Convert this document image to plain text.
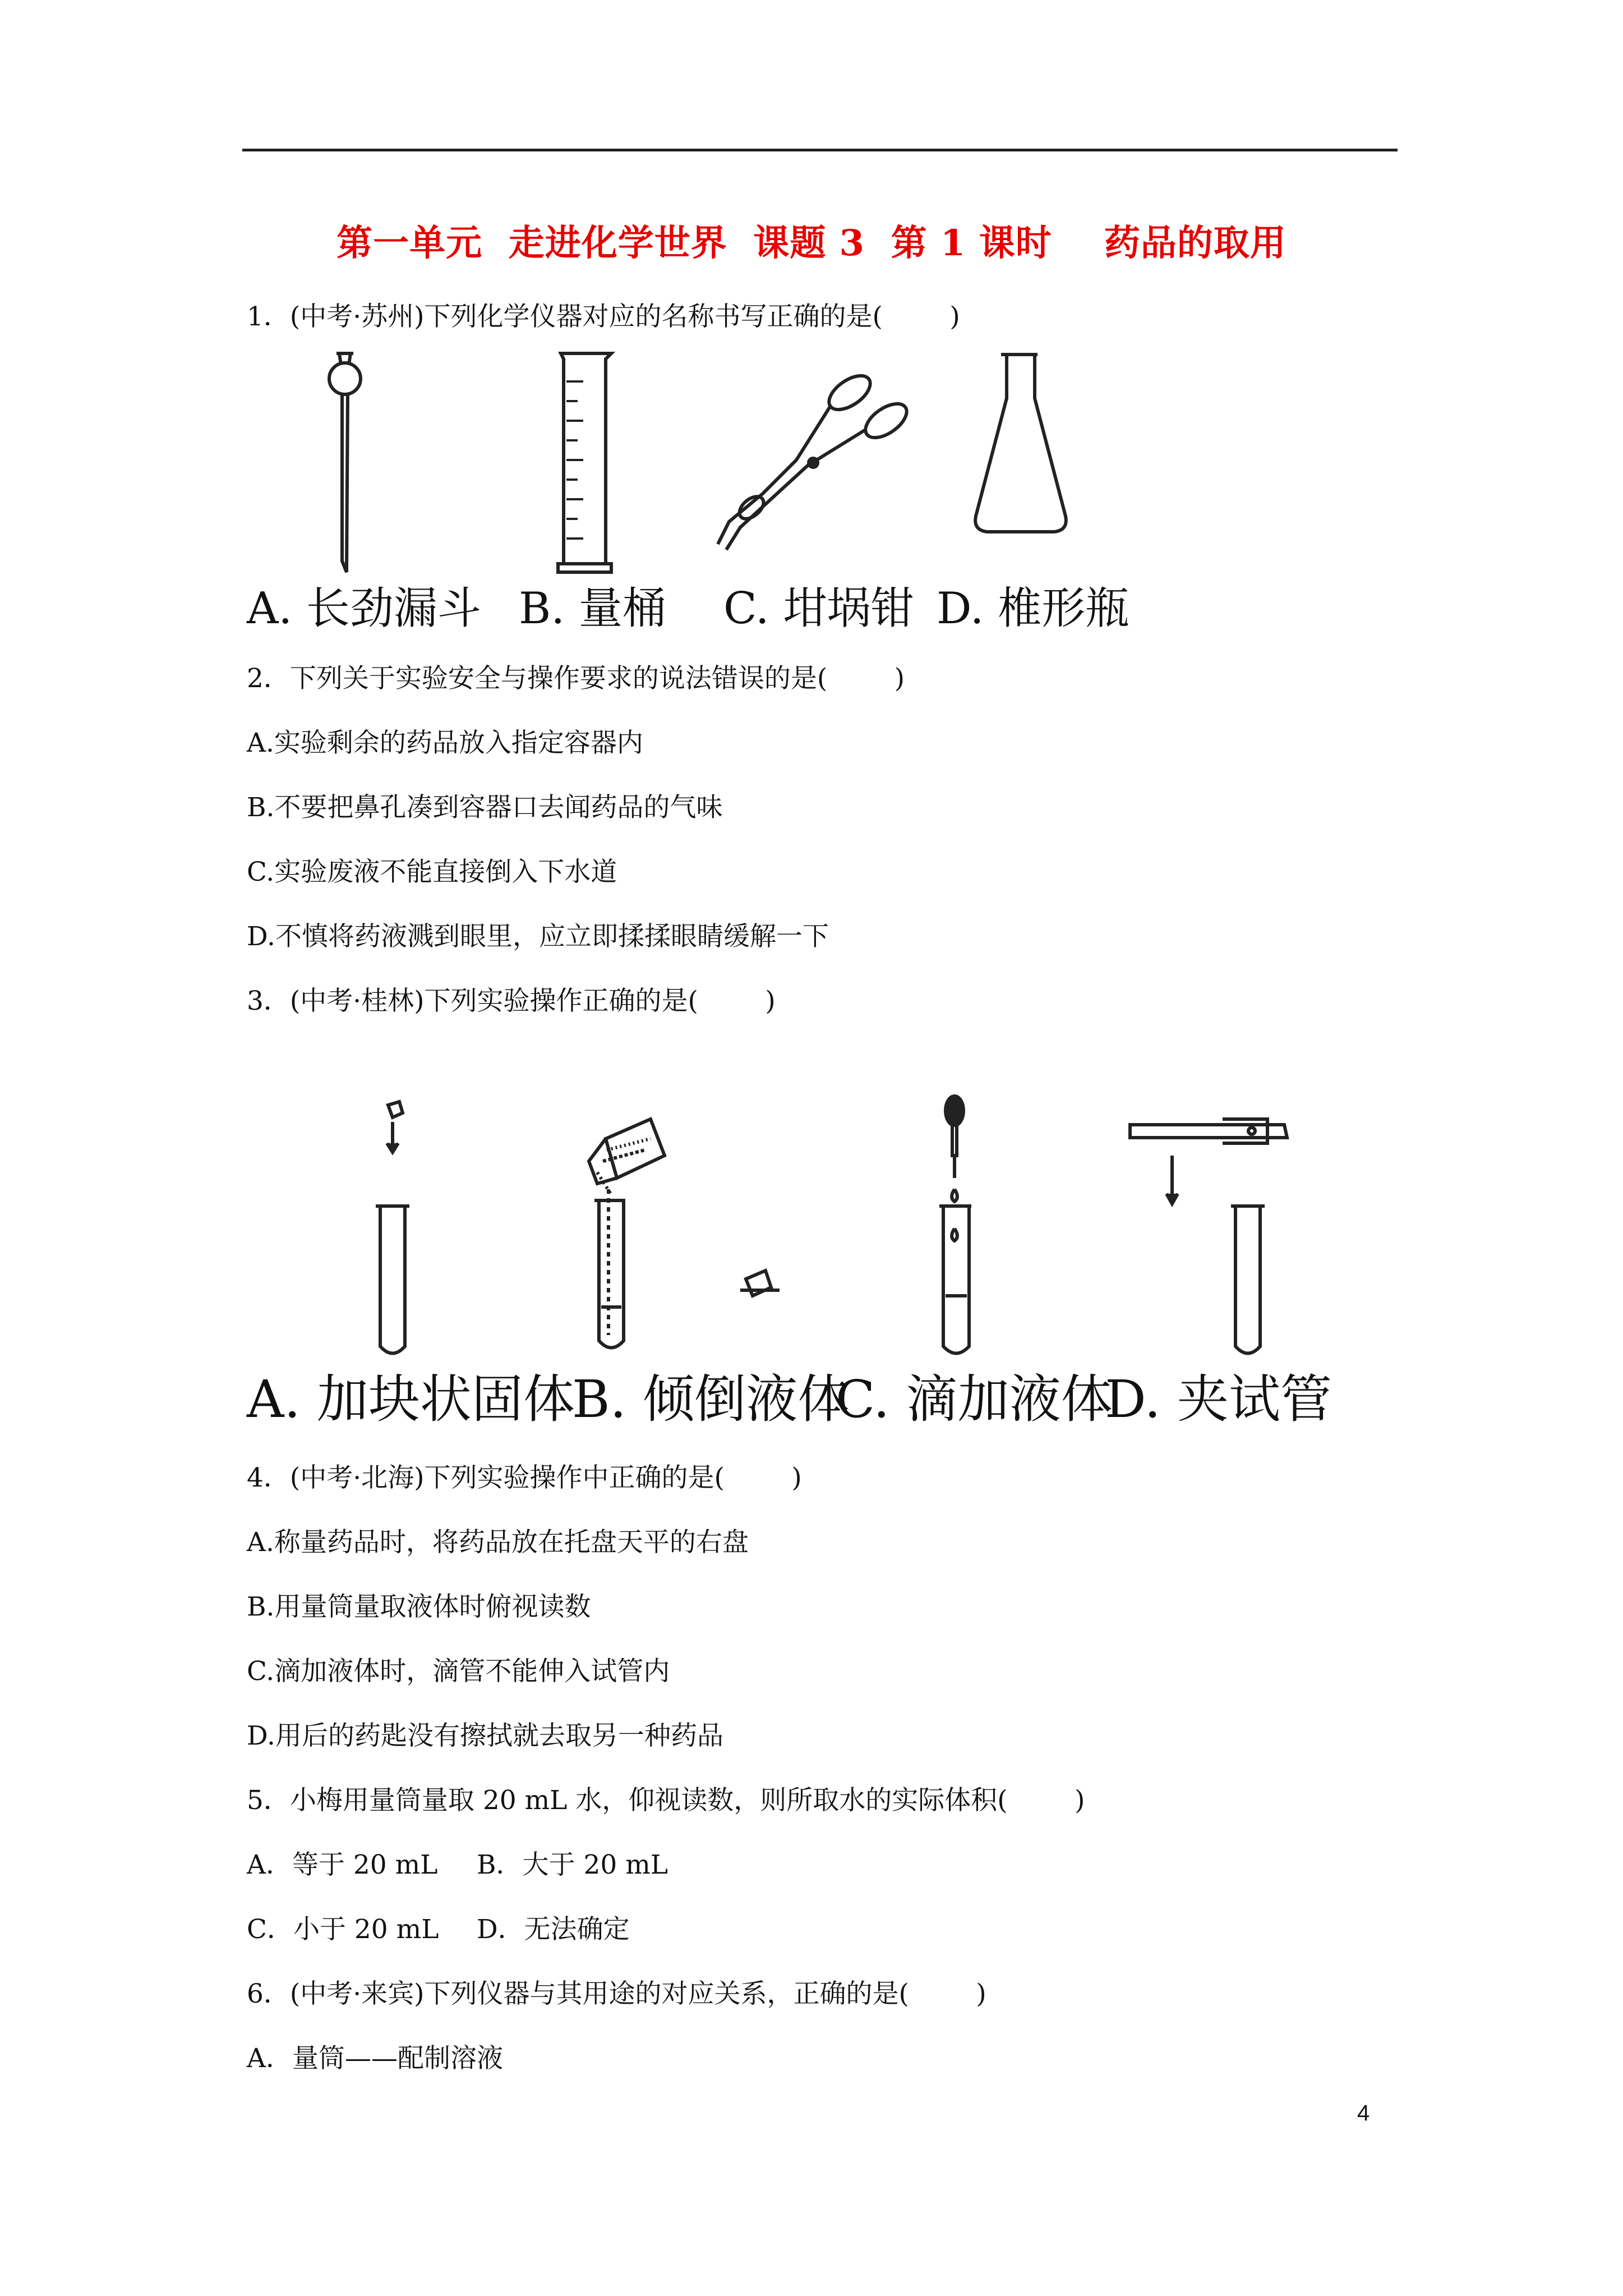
第一单元  走进化学世界  课题 3  第 1 课时    药品的取用
1．(中考·苏州)下列化学仪器对应的名称书写正确的是(        )
A. 长劲漏斗 B. 量桶 C. 坩埚钳 D. 椎形瓶
2．下列关于实验安全与操作要求的说法错误的是(        )
A.实验剩余的药品放入指定容器内
B.不要把鼻孔凑到容器口去闻药品的气味
C.实验废液不能直接倒入下水道
D.不慎将药液溅到眼里，应立即揉揉眼睛缓解一下
3．(中考·桂林)下列实验操作正确的是(        )
A. 加块状固体
B. 倾倒液体
C. 滴加液体
D. 夹试管
4．(中考·北海)下列实验操作中正确的是(        )
A.称量药品时，将药品放在托盘天平的右盘
B.用量筒量取液体时俯视读数
C.滴加液体时，滴管不能伸入试管内
D.用后的药匙没有擦拭就去取另一种药品
5．小梅用量筒量取 20 mL 水，仰视读数，则所取水的实际体积(        )
A．等于 20 mL B．大于 20 mL
C．小于 20 mL D．无法确定
6．(中考·来宾)下列仪器与其用途的对应关系，正确的是(        )
A．量筒——配制溶液
4
